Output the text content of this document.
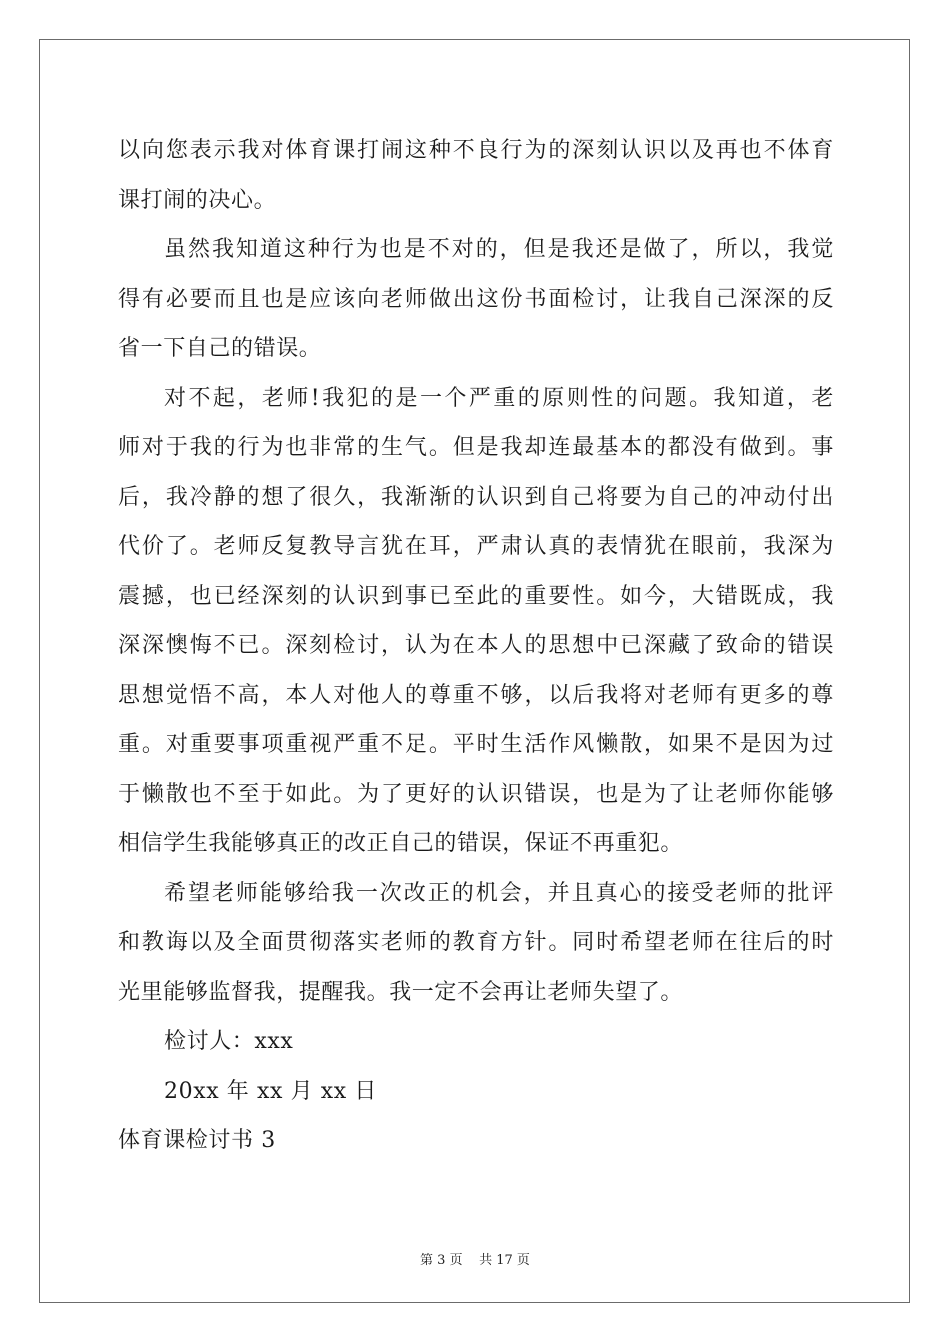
以向您表示我对体育课打闹这种不良行为的深刻认识以及再也不体育
课打闹的决心。
虽然我知道这种行为也是不对的，但是我还是做了，所以，我觉
得有必要而且也是应该向老师做出这份书面检讨，让我自己深深的反
省一下自己的错误。
对不起，老师!我犯的是一个严重的原则性的问题。我知道，老
师对于我的行为也非常的生气。但是我却连最基本的都没有做到。事
后，我冷静的想了很久，我渐渐的认识到自己将要为自己的冲动付出
代价了。老师反复教导言犹在耳，严肃认真的表情犹在眼前，我深为
震撼，也已经深刻的认识到事已至此的重要性。如今，大错既成，我
深深懊悔不已。深刻检讨，认为在本人的思想中已深藏了致命的错误
思想觉悟不高，本人对他人的尊重不够，以后我将对老师有更多的尊
重。对重要事项重视严重不足。平时生活作风懒散，如果不是因为过
于懒散也不至于如此。为了更好的认识错误，也是为了让老师你能够
相信学生我能够真正的改正自己的错误，保证不再重犯。
希望老师能够给我一次改正的机会，并且真心的接受老师的批评
和教诲以及全面贯彻落实老师的教育方针。同时希望老师在往后的时
光里能够监督我，提醒我。我一定不会再让老师失望了。
检讨人：xxx
20xx 年 xx 月 xx 日
体育课检讨书 3
第 3 页 共 17 页
